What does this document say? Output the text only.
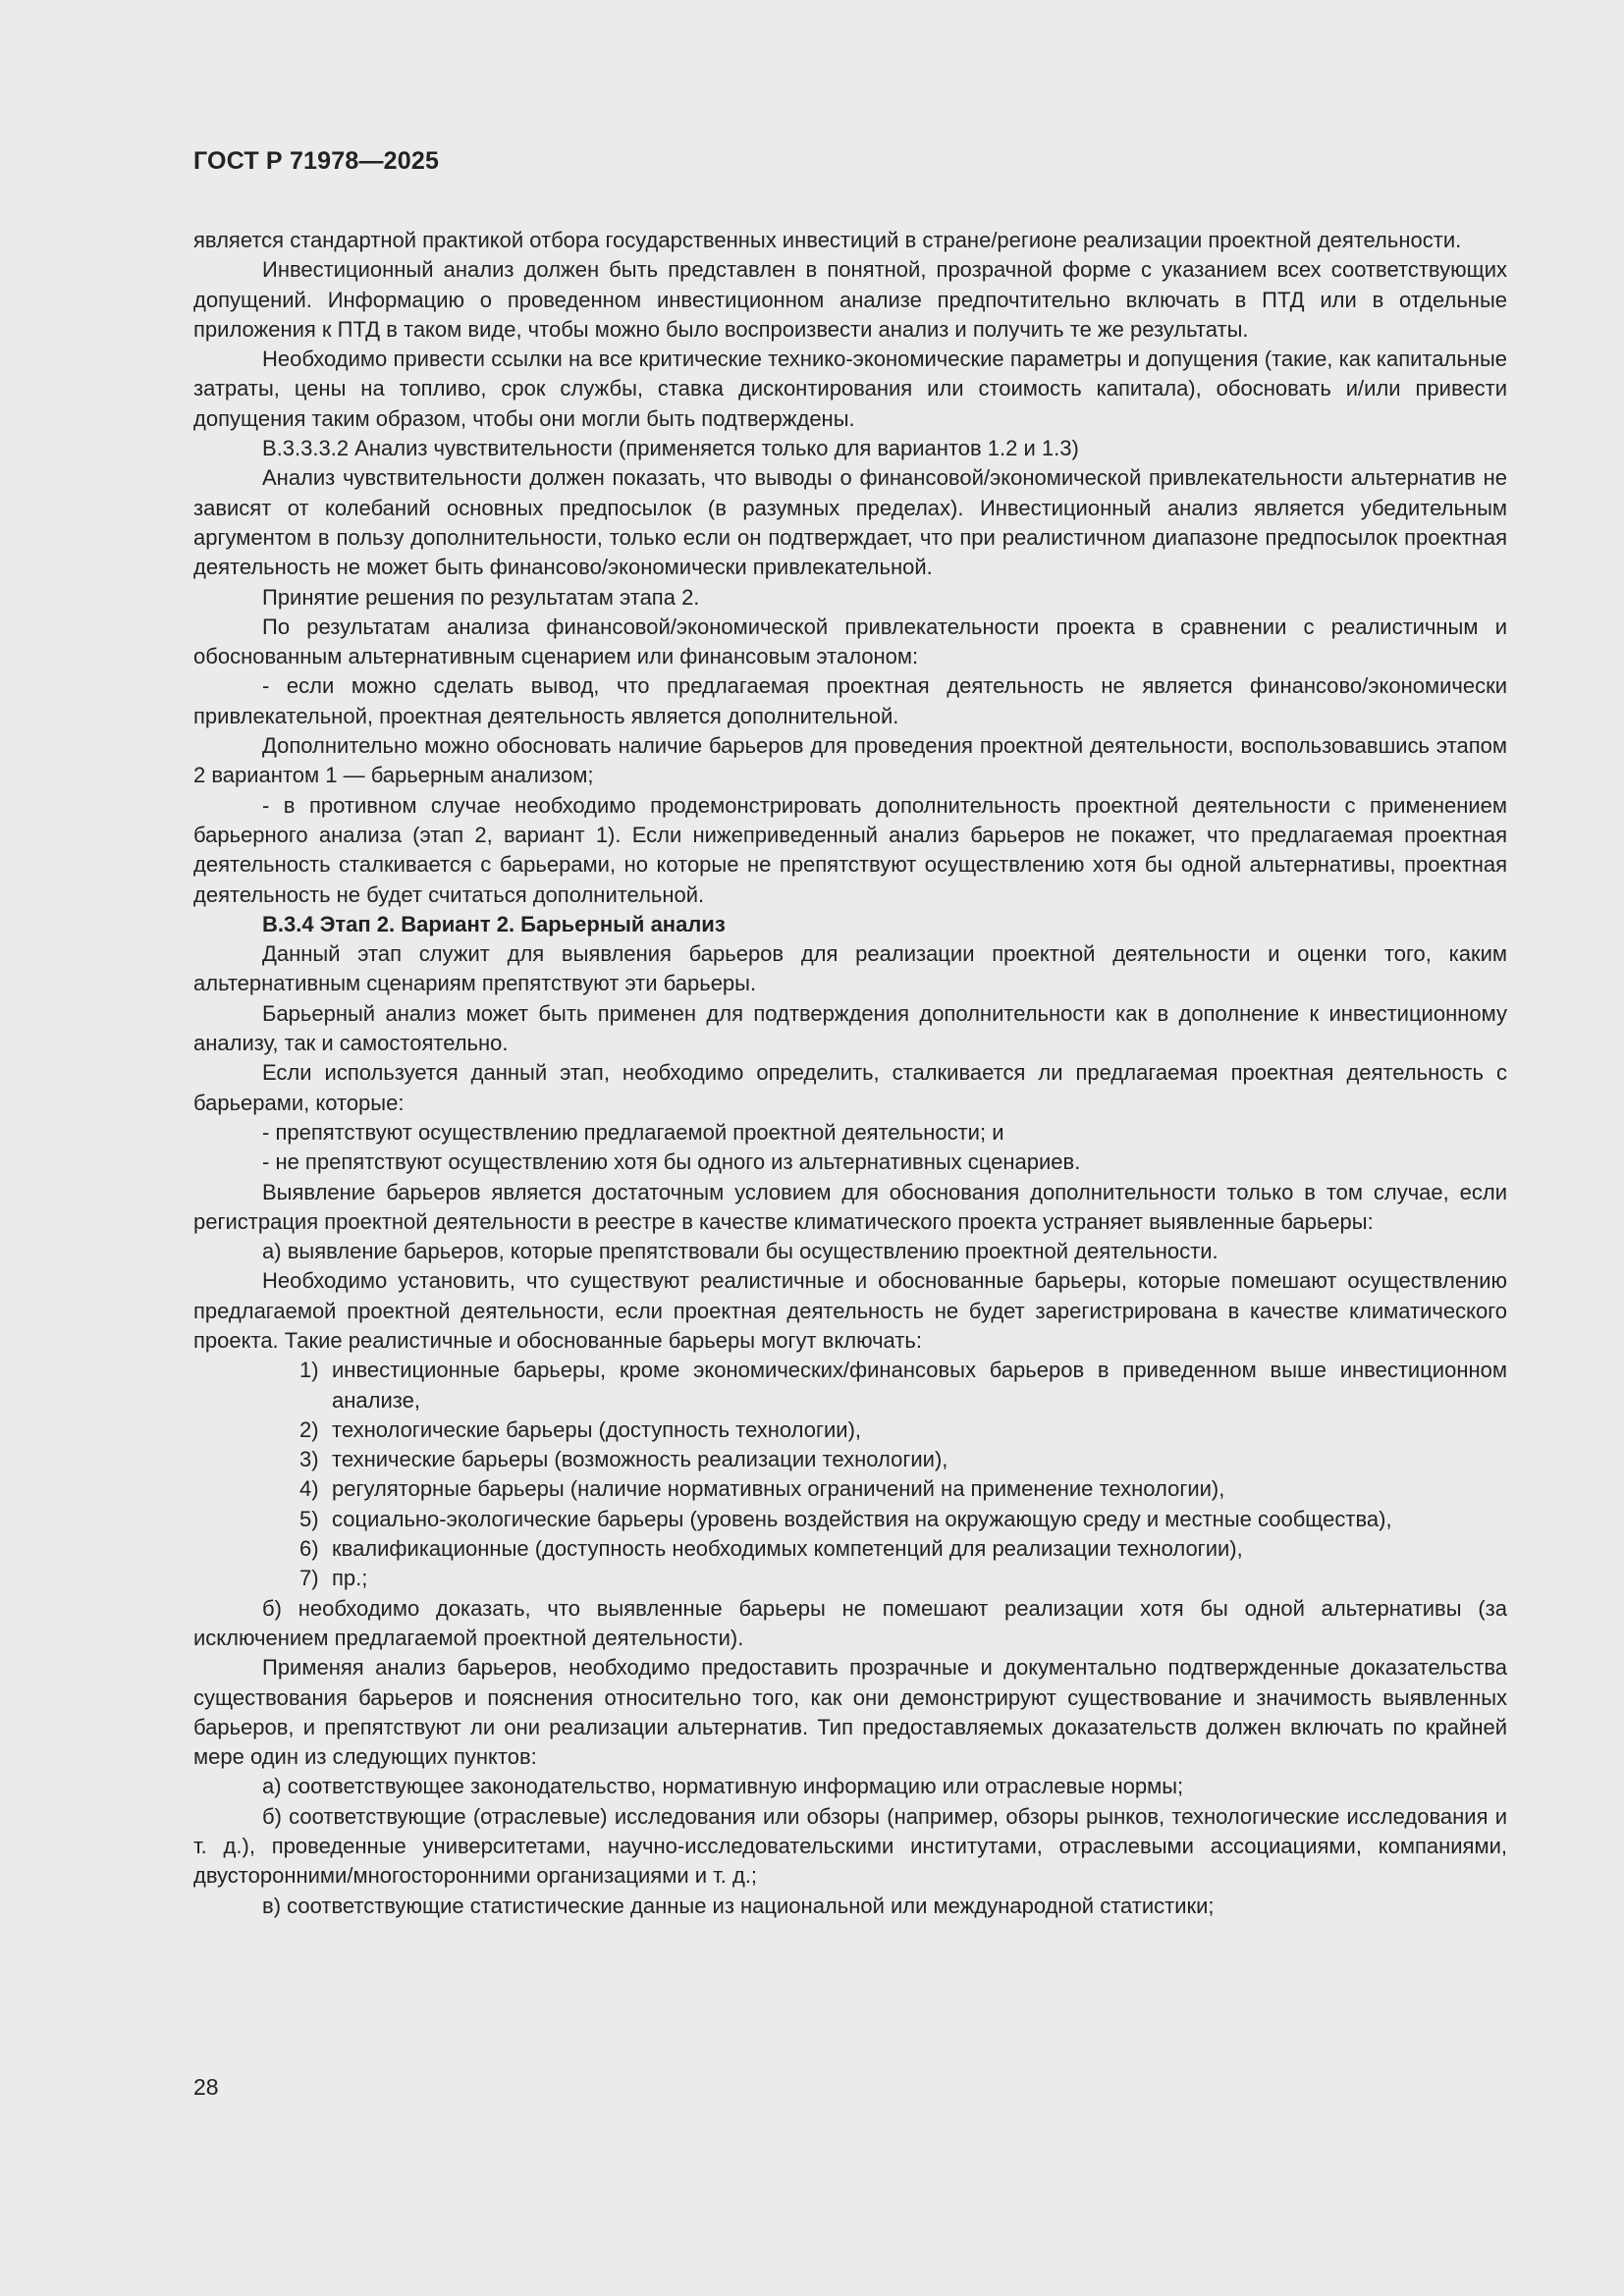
ГОСТ Р 71978—2025

является стандартной практикой отбора государственных инвестиций в стране/регионе реализации проектной деятельности.

Инвестиционный анализ должен быть представлен в понятной, прозрачной форме с указанием всех соответствующих допущений. Информацию о проведенном инвестиционном анализе предпочтительно включать в ПТД или в отдельные приложения к ПТД в таком виде, чтобы можно было воспроизвести анализ и получить те же результаты.

Необходимо привести ссылки на все критические технико-экономические параметры и допущения (такие, как капитальные затраты, цены на топливо, срок службы, ставка дисконтирования или стоимость капитала), обосновать и/или привести допущения таким образом, чтобы они могли быть подтверждены.

В.3.3.3.2 Анализ чувствительности (применяется только для вариантов 1.2 и 1.3)

Анализ чувствительности должен показать, что выводы о финансовой/экономической привлекательности альтернатив не зависят от колебаний основных предпосылок (в разумных пределах). Инвестиционный анализ является убедительным аргументом в пользу дополнительности, только если он подтверждает, что при реалистичном диапазоне предпосылок проектная деятельность не может быть финансово/экономически привлекательной.

Принятие решения по результатам этапа 2.

По результатам анализа финансовой/экономической привлекательности проекта в сравнении с реалистичным и обоснованным альтернативным сценарием или финансовым эталоном:

- если можно сделать вывод, что предлагаемая проектная деятельность не является финансово/экономически привлекательной, проектная деятельность является дополнительной.

Дополнительно можно обосновать наличие барьеров для проведения проектной деятельности, воспользовавшись этапом 2 вариантом 1 — барьерным анализом;

- в противном случае необходимо продемонстрировать дополнительность проектной деятельности с применением барьерного анализа (этап 2, вариант 1). Если нижеприведенный анализ барьеров не покажет, что предлагаемая проектная деятельность сталкивается с барьерами, но которые не препятствуют осуществлению хотя бы одной альтернативы, проектная деятельность не будет считаться дополнительной.

В.3.4 Этап 2. Вариант 2. Барьерный анализ

Данный этап служит для выявления барьеров для реализации проектной деятельности и оценки того, каким альтернативным сценариям препятствуют эти барьеры.

Барьерный анализ может быть применен для подтверждения дополнительности как в дополнение к инвестиционному анализу, так и самостоятельно.

Если используется данный этап, необходимо определить, сталкивается ли предлагаемая проектная деятельность с барьерами, которые:

- препятствуют осуществлению предлагаемой проектной деятельности; и

- не препятствуют осуществлению хотя бы одного из альтернативных сценариев.

Выявление барьеров является достаточным условием для обоснования дополнительности только в том случае, если регистрация проектной деятельности в реестре в качестве климатического проекта устраняет выявленные барьеры:

а) выявление барьеров, которые препятствовали бы осуществлению проектной деятельности.

Необходимо установить, что существуют реалистичные и обоснованные барьеры, которые помешают осуществлению предлагаемой проектной деятельности, если проектная деятельность не будет зарегистрирована в качестве климатического проекта. Такие реалистичные и обоснованные барьеры могут включать:

1) инвестиционные барьеры, кроме экономических/финансовых барьеров в приведенном выше инвестиционном анализе,
2) технологические барьеры (доступность технологии),
3) технические барьеры (возможность реализации технологии),
4) регуляторные барьеры (наличие нормативных ограничений на применение технологии),
5) социально-экологические барьеры (уровень воздействия на окружающую среду и местные сообщества),
6) квалификационные (доступность необходимых компетенций для реализации технологии),
7) пр.;

б) необходимо доказать, что выявленные барьеры не помешают реализации хотя бы одной альтернативы (за исключением предлагаемой проектной деятельности).

Применяя анализ барьеров, необходимо предоставить прозрачные и документально подтвержденные доказательства существования барьеров и пояснения относительно того, как они демонстрируют существование и значимость выявленных барьеров, и препятствуют ли они реализации альтернатив. Тип предоставляемых доказательств должен включать по крайней мере один из следующих пунктов:

а) соответствующее законодательство, нормативную информацию или отраслевые нормы;

б) соответствующие (отраслевые) исследования или обзоры (например, обзоры рынков, технологические исследования и т. д.), проведенные университетами, научно-исследовательскими институтами, отраслевыми ассоциациями, компаниями, двусторонними/многосторонними организациями и т. д.;

в) соответствующие статистические данные из национальной или международной статистики;

28
